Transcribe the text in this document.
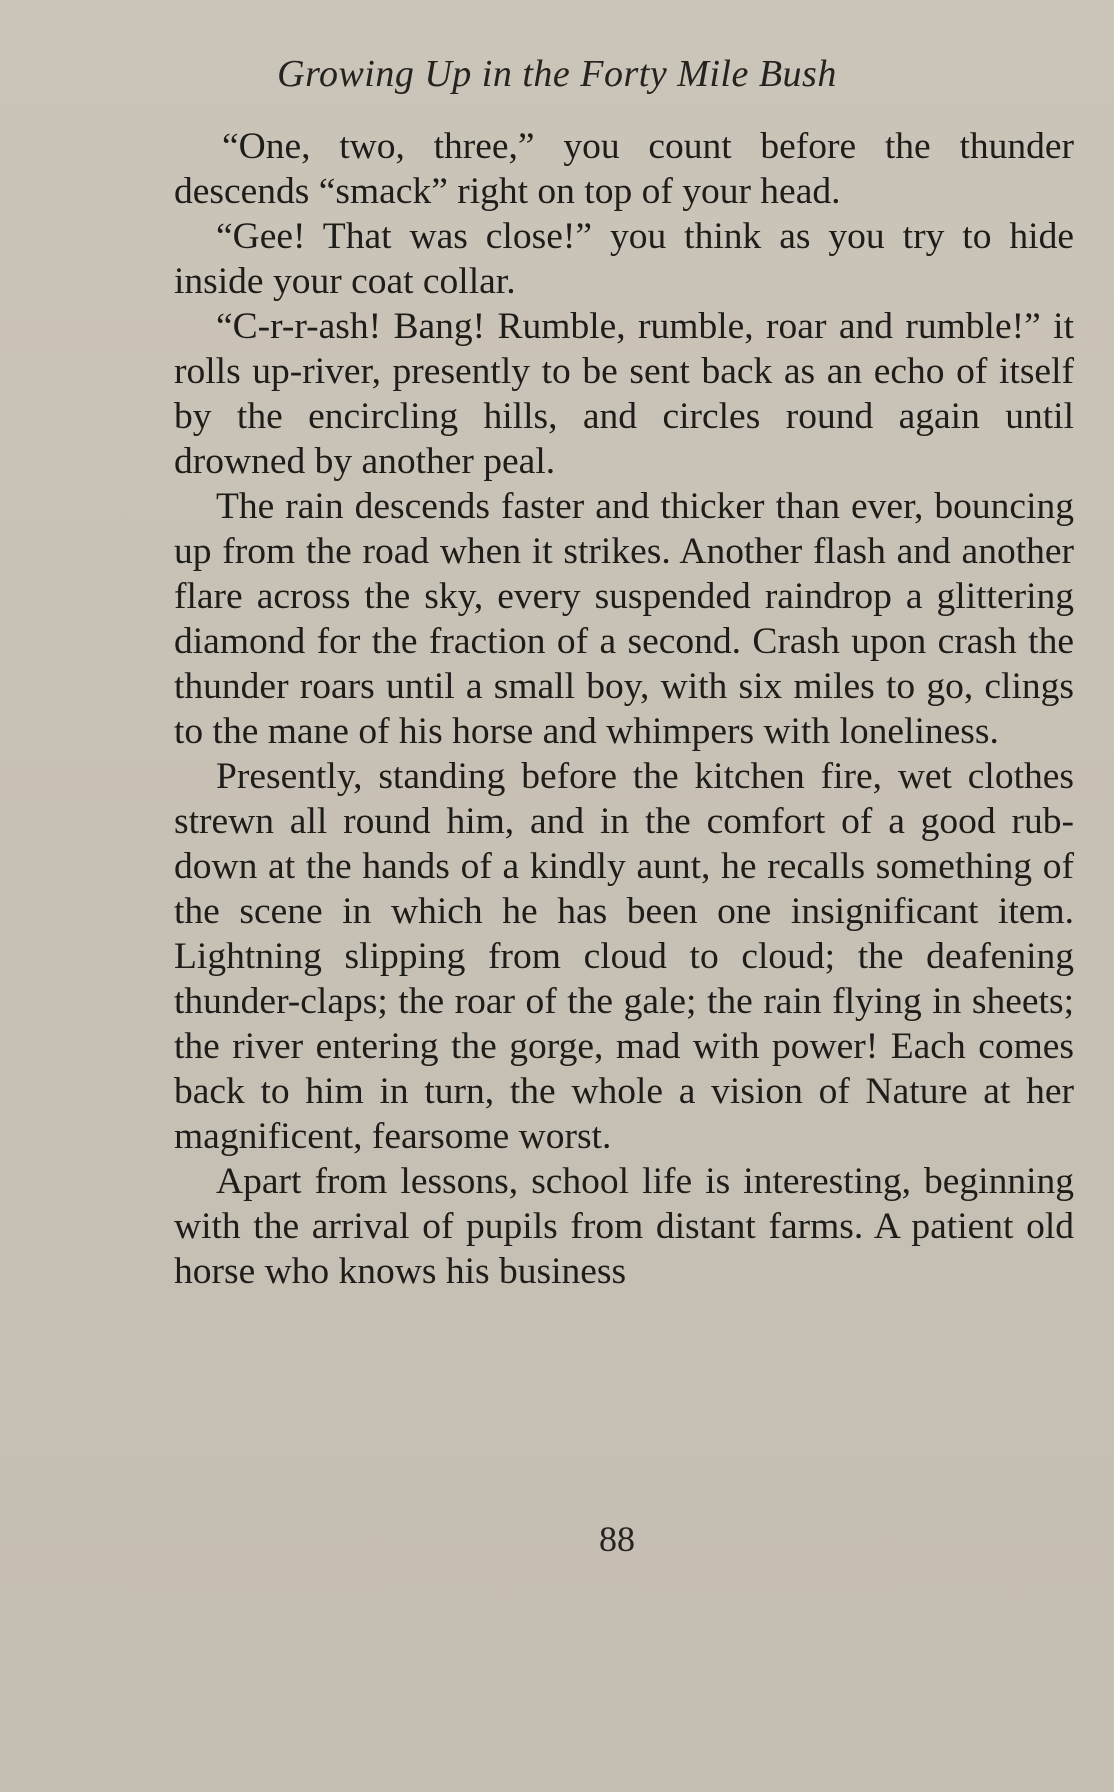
Growing Up in the Forty Mile Bush

“One, two, three,” you count before the thunder descends “smack” right on top of your head.

“Gee! That was close!” you think as you try to hide inside your coat collar.

“C-r-r-ash! Bang! Rumble, rumble, roar and rumble!” it rolls up-river, presently to be sent back as an echo of itself by the encircling hills, and circles round again until drowned by another peal.

The rain descends faster and thicker than ever, bouncing up from the road when it strikes. Another flash and another flare across the sky, every suspended raindrop a glittering diamond for the fraction of a second. Crash upon crash the thunder roars until a small boy, with six miles to go, clings to the mane of his horse and whimpers with loneliness.

Presently, standing before the kitchen fire, wet clothes strewn all round him, and in the comfort of a good rub-down at the hands of a kindly aunt, he recalls something of the scene in which he has been one insignificant item. Lightning slipping from cloud to cloud; the deafening thunder-claps; the roar of the gale; the rain flying in sheets; the river entering the gorge, mad with power! Each comes back to him in turn, the whole a vision of Nature at her magnificent, fearsome worst.

Apart from lessons, school life is interesting, beginning with the arrival of pupils from distant farms. A patient old horse who knows his business

88
